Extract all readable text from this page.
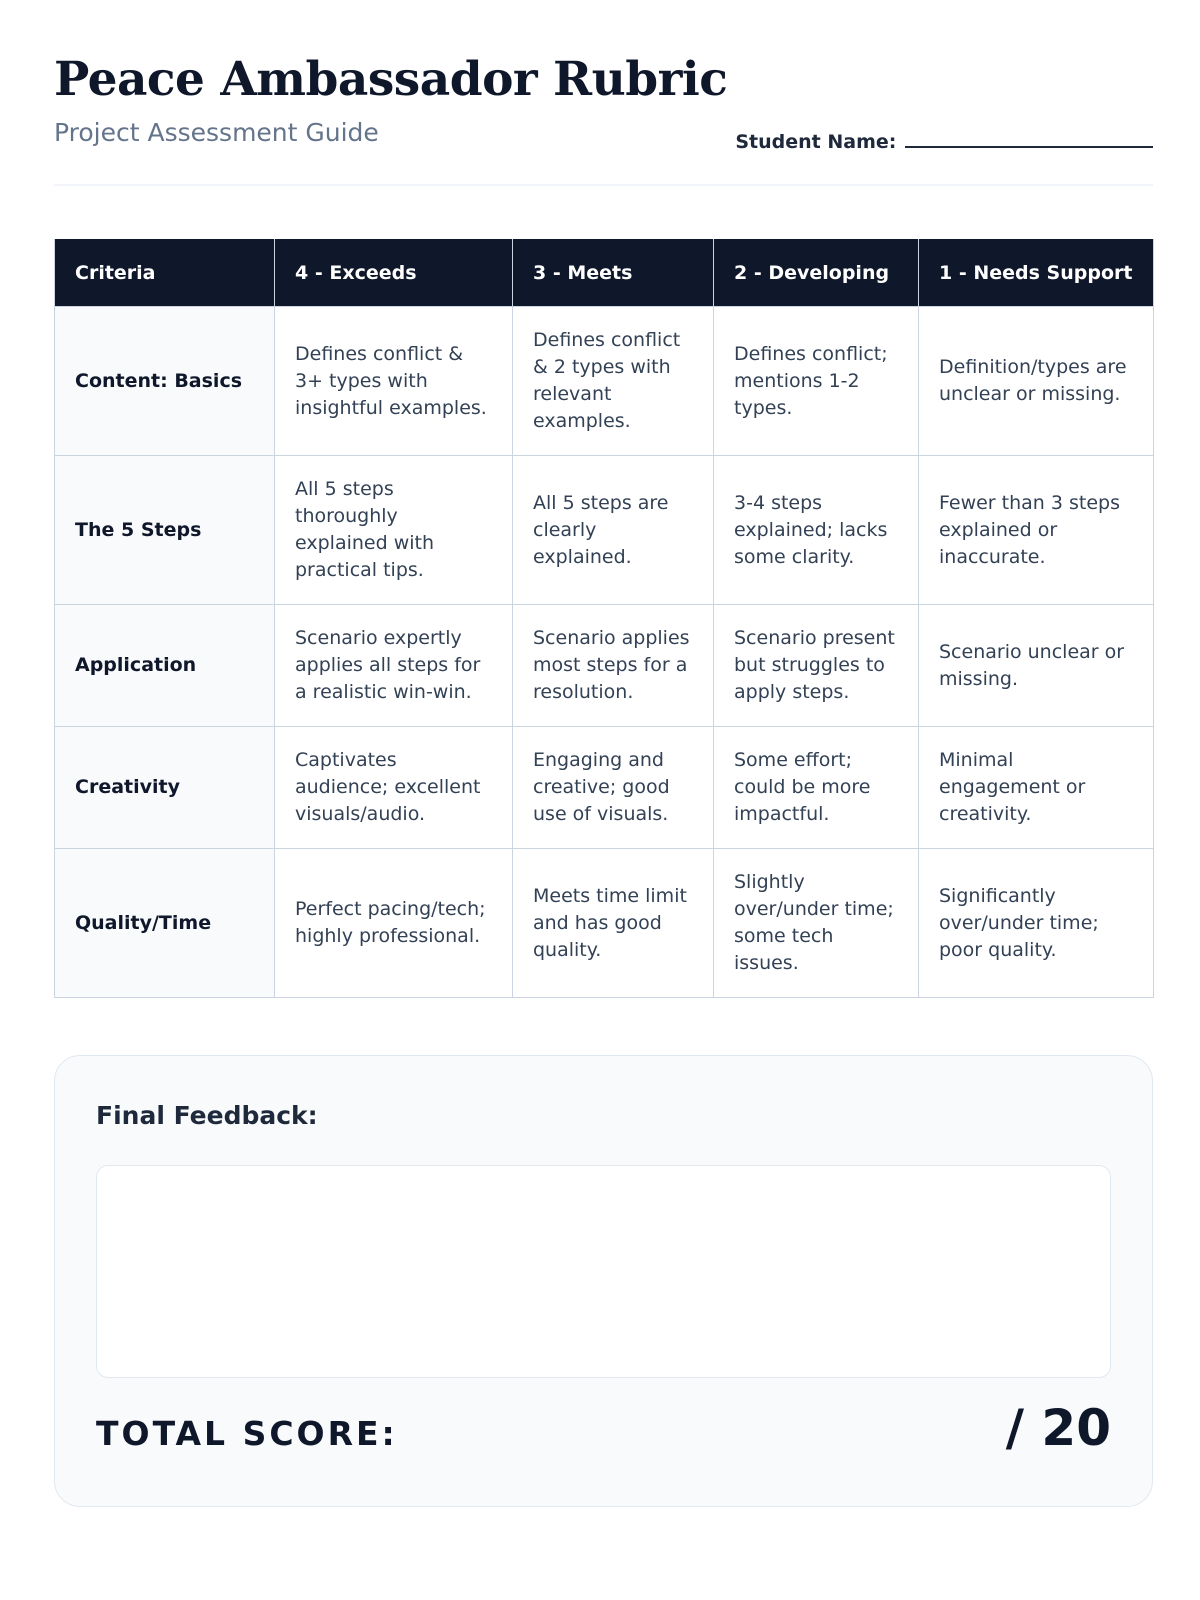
Peace Ambassador Rubric
Project Assessment Guide	Student Name:
Criteria	4 - Exceeds	3 - Meets	2 - Developing	1 - Needs Support
Content: Basics	Defines conflict & 3+ types with insightful examples.	Defines conflict & 2 types with relevant examples.	Defines conflict; mentions 1-2 types.	Definition/types are unclear or missing.
The 5 Steps	All 5 steps thoroughly explained with practical tips.	All 5 steps are clearly explained.	3-4 steps explained; lacks some clarity.	Fewer than 3 steps explained or inaccurate.
Application	Scenario expertly applies all steps for a realistic win-win.	Scenario applies most steps for a resolution.	Scenario present but struggles to apply steps.	Scenario unclear or missing.
Creativity	Captivates audience; excellent visuals/audio.	Engaging and creative; good use of visuals.	Some effort; could be more impactful.	Minimal engagement or creativity.
Quality/Time	Perfect pacing/tech; highly professional.	Meets time limit and has good quality.	Slightly over/under time; some tech issues.	Significantly over/under time; poor quality.
Final Feedback:
TOTAL SCORE:	/ 20
